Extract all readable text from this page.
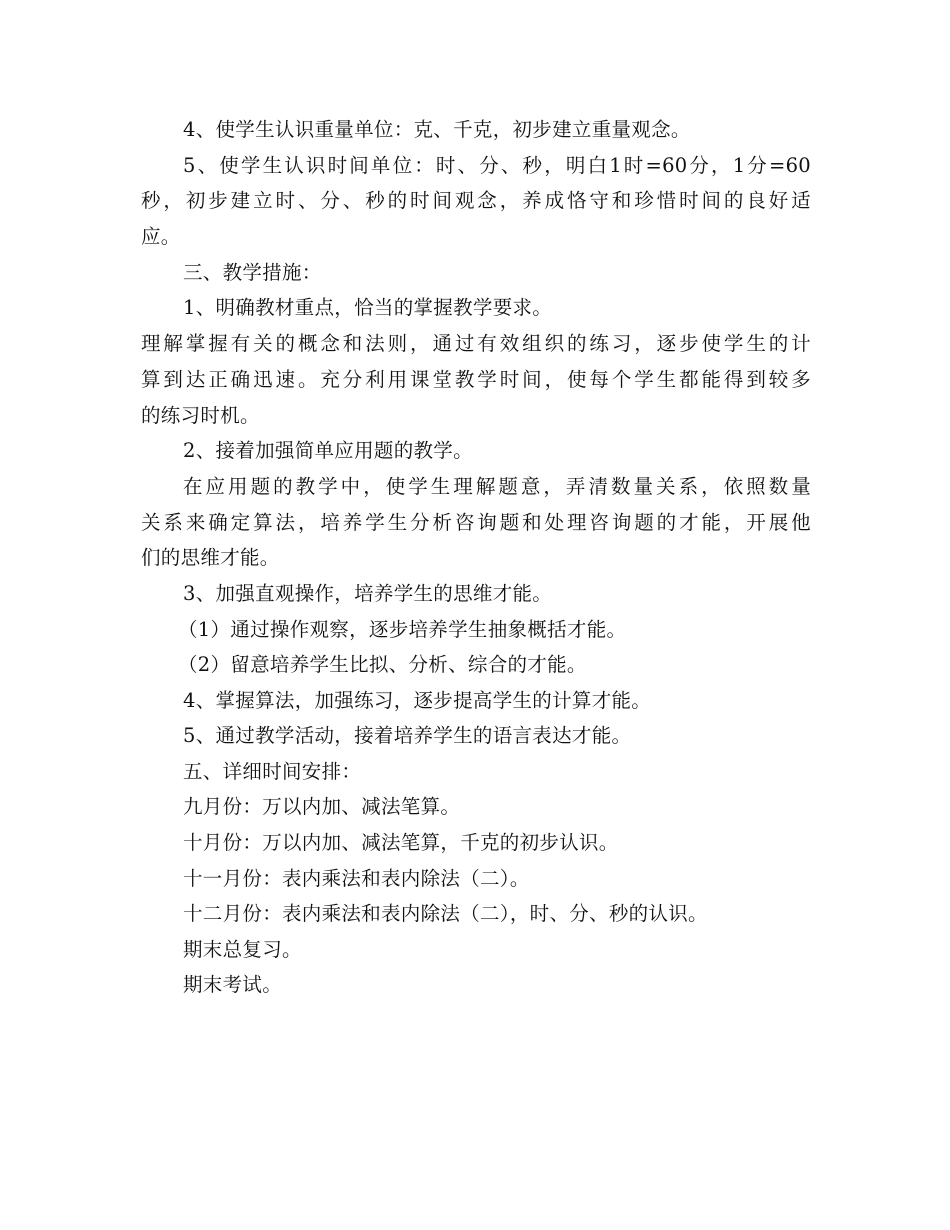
4、使学生认识重量单位：克、千克，初步建立重量观念。
5、使学生认识时间单位：时、分、秒，明白1时=60分，1分=60
秒，初步建立时、分、秒的时间观念，养成恪守和珍惜时间的良好适
应。
三、教学措施：
1、明确教材重点，恰当的掌握教学要求。
理解掌握有关的概念和法则，通过有效组织的练习，逐步使学生的计
算到达正确迅速。充分利用课堂教学时间，使每个学生都能得到较多
的练习时机。
2、接着加强简单应用题的教学。
在应用题的教学中，使学生理解题意，弄清数量关系，依照数量
关系来确定算法，培养学生分析咨询题和处理咨询题的才能，开展他
们的思维才能。
3、加强直观操作，培养学生的思维才能。
（1）通过操作观察，逐步培养学生抽象概括才能。
（2）留意培养学生比拟、分析、综合的才能。
4、掌握算法，加强练习，逐步提高学生的计算才能。
5、通过教学活动，接着培养学生的语言表达才能。
五、详细时间安排：
九月份：万以内加、减法笔算。
十月份：万以内加、减法笔算，千克的初步认识。
十一月份：表内乘法和表内除法（二）。
十二月份：表内乘法和表内除法（二），时、分、秒的认识。
期末总复习。
期末考试。
